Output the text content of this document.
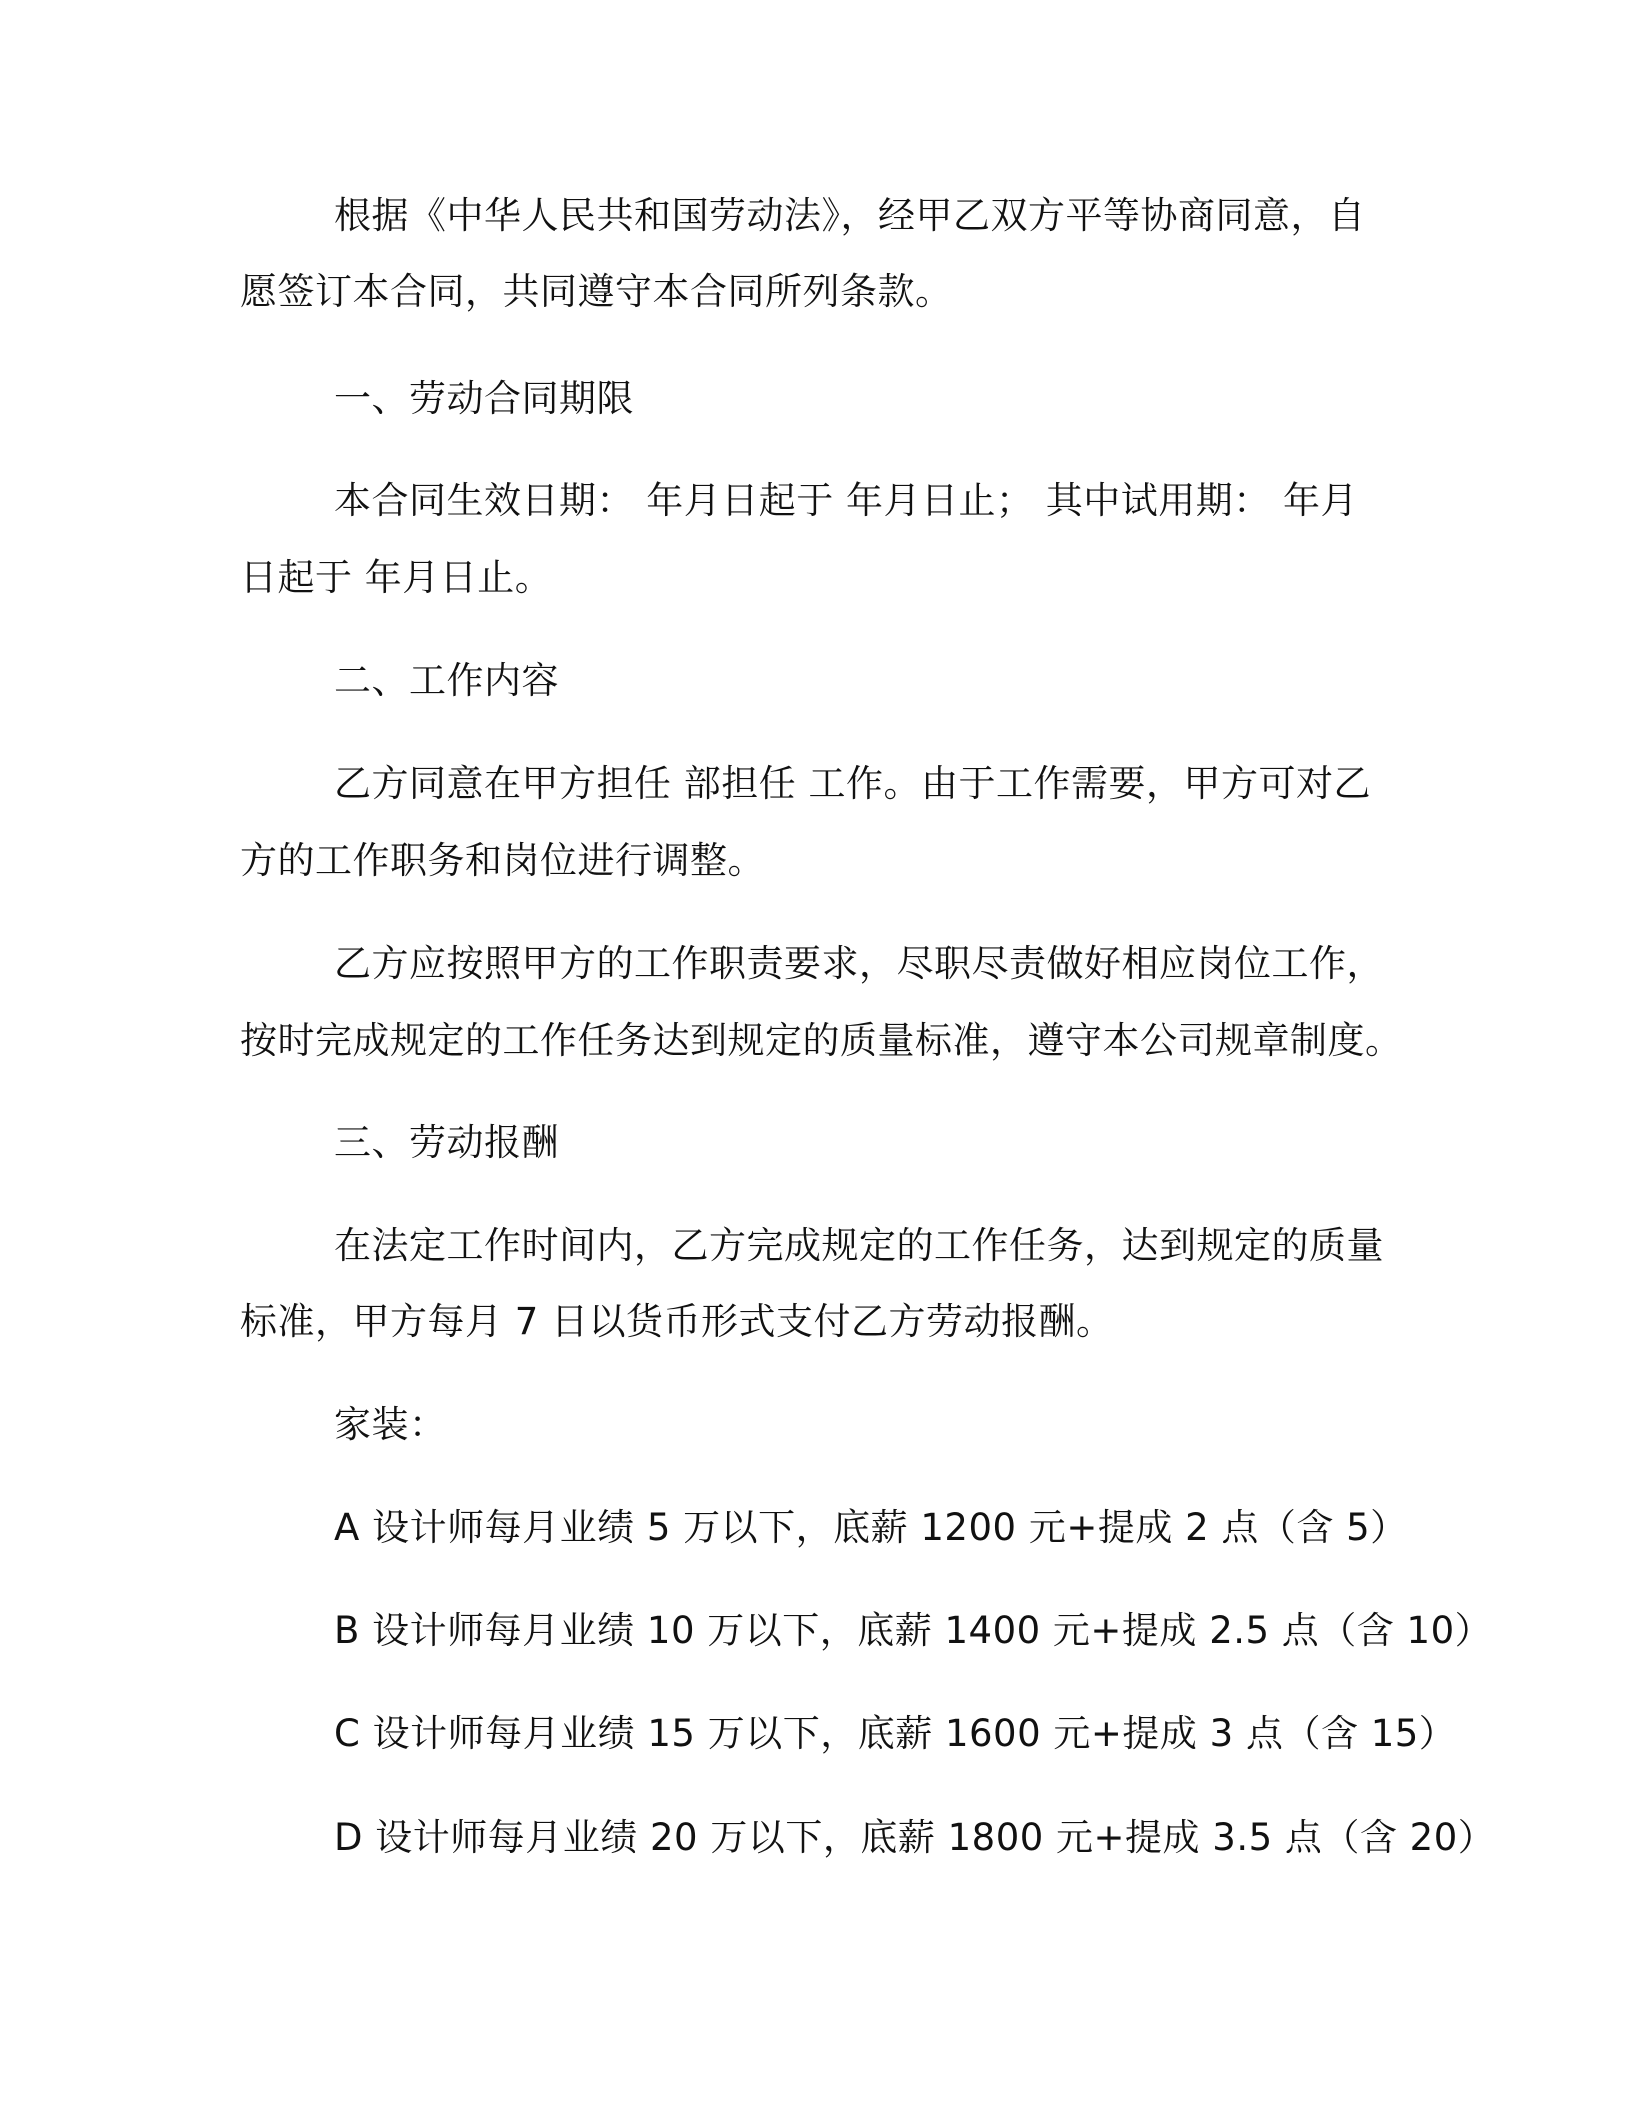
根据《中华人民共和国劳动法》，经甲乙双方平等协商同意，自
愿签订本合同，共同遵守本合同所列条款。
一、劳动合同期限
本合同生效日期： 年月日起于 年月日止； 其中试用期： 年月
日起于 年月日止。
二、工作内容
乙方同意在甲方担任 部担任 工作。由于工作需要，甲方可对乙
方的工作职务和岗位进行调整。
乙方应按照甲方的工作职责要求，尽职尽责做好相应岗位工作，
按时完成规定的工作任务达到规定的质量标准，遵守本公司规章制度。
三、劳动报酬
在法定工作时间内，乙方完成规定的工作任务，达到规定的质量
标准，甲方每月 7 日以货币形式支付乙方劳动报酬。
家装：
A 设计师每月业绩 5 万以下，底薪 1200 元+提成 2 点（含 5）
B 设计师每月业绩 10 万以下，底薪 1400 元+提成 2.5 点（含 10）
C 设计师每月业绩 15 万以下，底薪 1600 元+提成 3 点（含 15）
D 设计师每月业绩 20 万以下，底薪 1800 元+提成 3.5 点（含 20）
